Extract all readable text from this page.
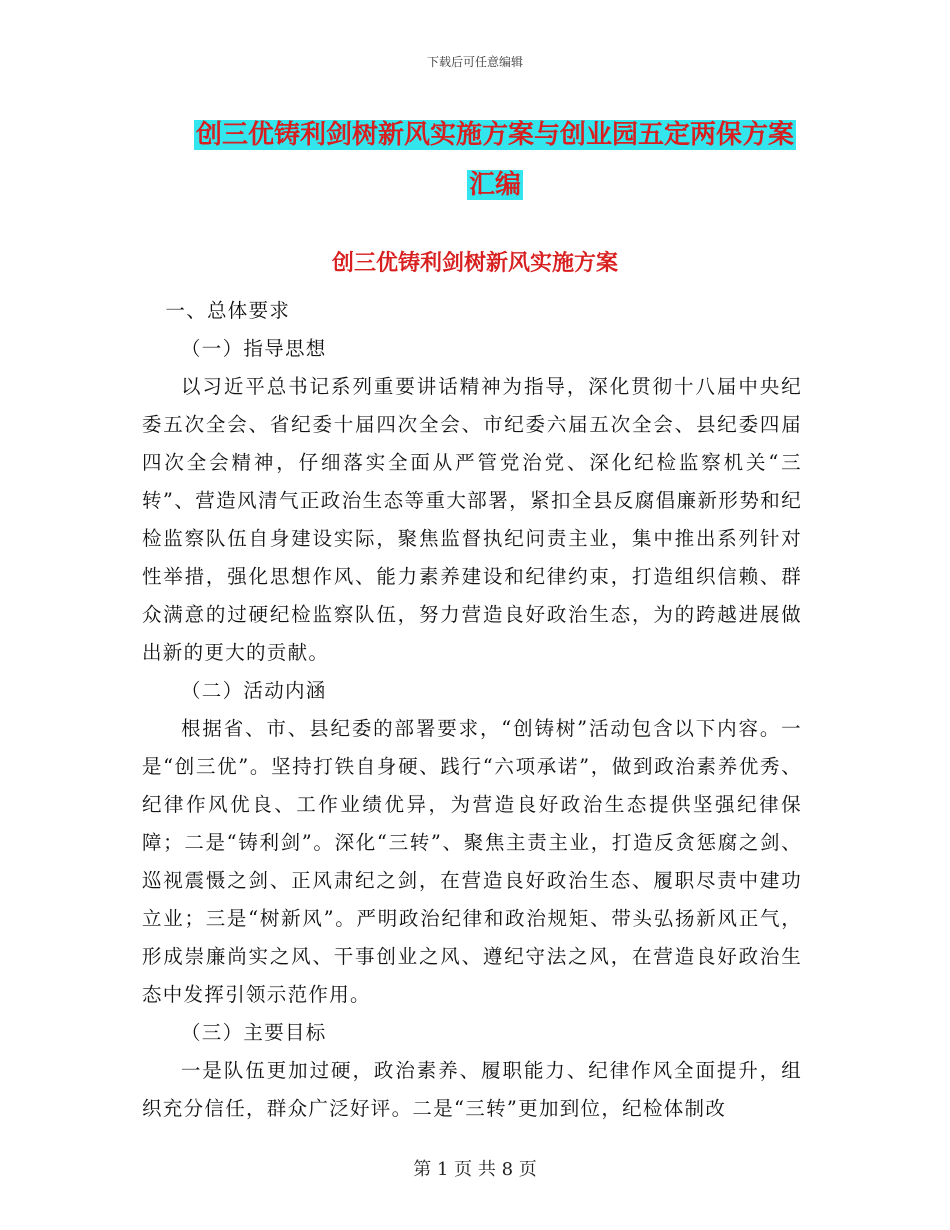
下载后可任意编辑
创三优铸利剑树新风实施方案与创业园五定两保方案
汇编
创三优铸利剑树新风实施方案

一、总体要求

（一）指导思想

以习近平总书记系列重要讲话精神为指导，深化贯彻十八届中央纪委五次全会、省纪委十届四次全会、市纪委六届五次全会、县纪委四届四次全会精神，仔细落实全面从严管党治党、深化纪检监察机关“三转”、营造风清气正政治生态等重大部署，紧扣全县反腐倡廉新形势和纪检监察队伍自身建设实际，聚焦监督执纪问责主业，集中推出系列针对性举措，强化思想作风、能力素养建设和纪律约束，打造组织信赖、群众满意的过硬纪检监察队伍，努力营造良好政治生态，为的跨越进展做出新的更大的贡献。

（二）活动内涵

根据省、市、县纪委的部署要求，“创铸树”活动包含以下内容。一是“创三优”。坚持打铁自身硬、践行“六项承诺”，做到政治素养优秀、纪律作风优良、工作业绩优异，为营造良好政治生态提供坚强纪律保障；二是“铸利剑”。深化“三转”、聚焦主责主业，打造反贪惩腐之剑、巡视震慑之剑、正风肃纪之剑，在营造良好政治生态、履职尽责中建功立业；三是“树新风”。严明政治纪律和政治规矩、带头弘扬新风正气，形成崇廉尚实之风、干事创业之风、遵纪守法之风，在营造良好政治生态中发挥引领示范作用。

（三）主要目标

一是队伍更加过硬，政治素养、履职能力、纪律作风全面提升，组织充分信任，群众广泛好评。二是“三转”更加到位，纪检体制改

第 1 页 共 8 页
